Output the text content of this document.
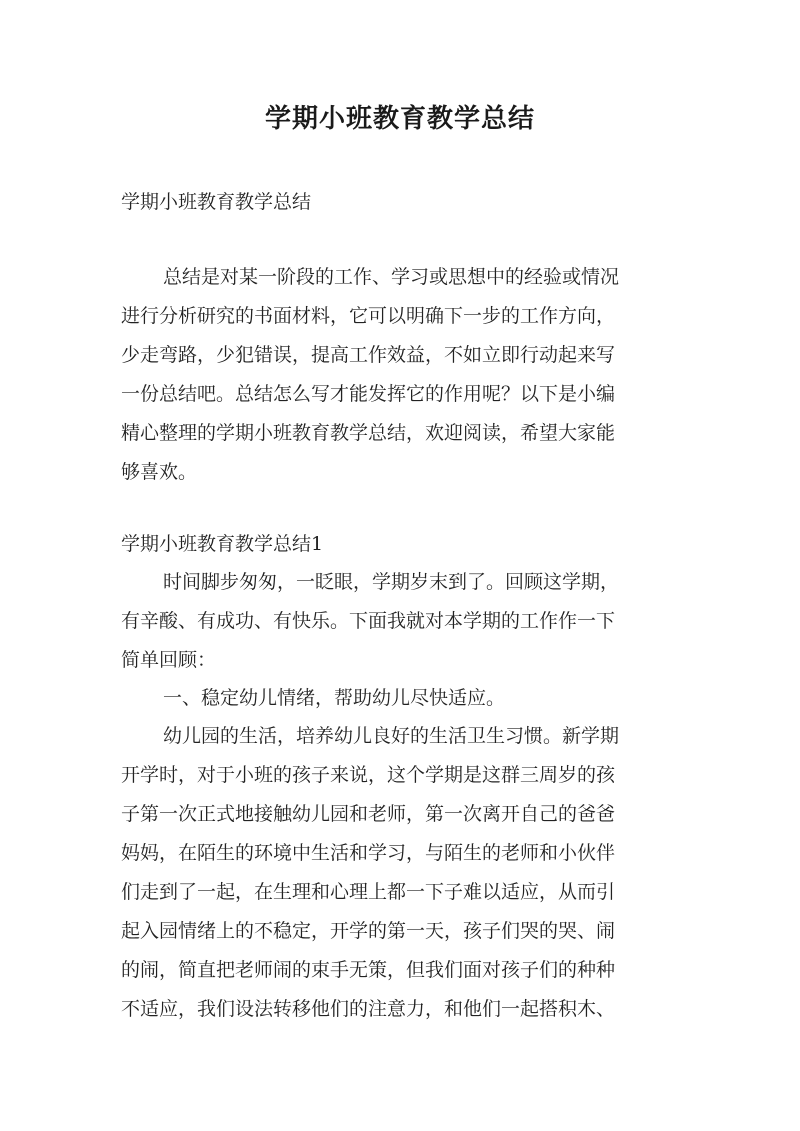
学期小班教育教学总结
学期小班教育教学总结
总结是对某一阶段的工作、学习或思想中的经验或情况
进行分析研究的书面材料，它可以明确下一步的工作方向，
少走弯路，少犯错误，提高工作效益，不如立即行动起来写
一份总结吧。总结怎么写才能发挥它的作用呢？以下是小编
精心整理的学期小班教育教学总结，欢迎阅读，希望大家能
够喜欢。
学期小班教育教学总结1
时间脚步匆匆，一眨眼，学期岁末到了。回顾这学期，
有辛酸、有成功、有快乐。下面我就对本学期的工作作一下
简单回顾：
一、稳定幼儿情绪，帮助幼儿尽快适应。
幼儿园的生活，培养幼儿良好的生活卫生习惯。新学期
开学时，对于小班的孩子来说，这个学期是这群三周岁的孩
子第一次正式地接触幼儿园和老师，第一次离开自己的爸爸
妈妈，在陌生的环境中生活和学习，与陌生的老师和小伙伴
们走到了一起，在生理和心理上都一下子难以适应，从而引
起入园情绪上的不稳定，开学的第一天，孩子们哭的哭、闹
的闹，简直把老师闹的束手无策，但我们面对孩子们的种种
不适应，我们设法转移他们的注意力，和他们一起搭积木、
